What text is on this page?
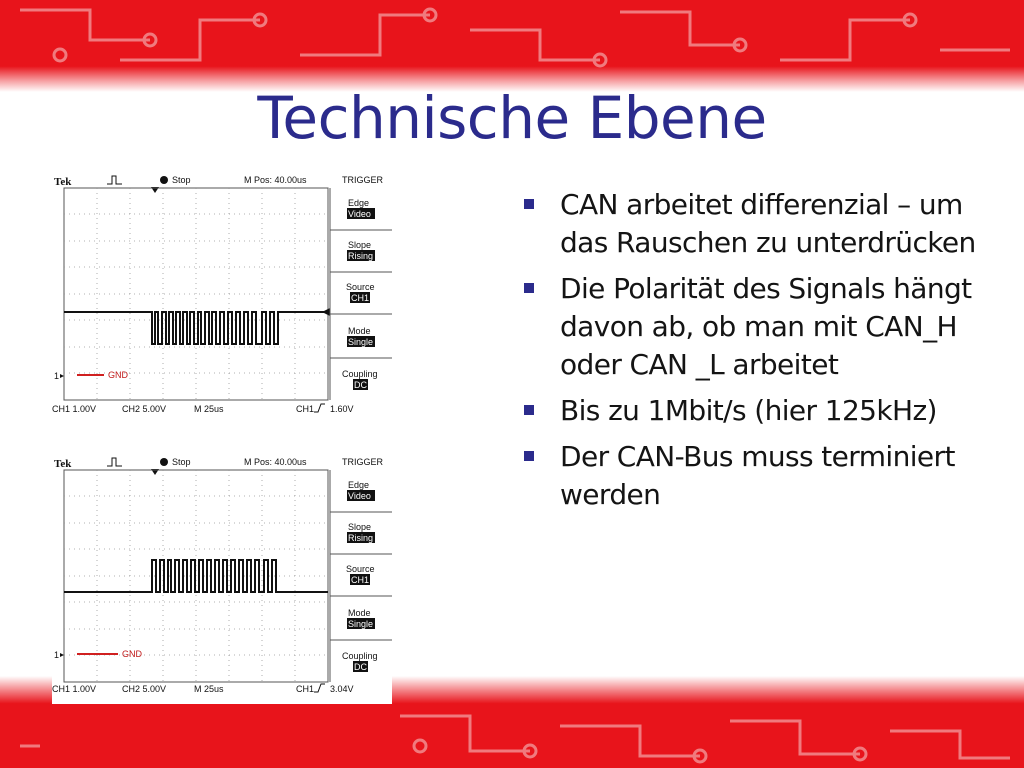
Technische Ebene
Tek	Stop	M Pos: 40.00us	TRIGGER
1	GND
Edge
Video
Slope
Rising
Source
CH1
Mode
Single
Coupling
DC
CH1 1.00V	CH2 5.00V	M 25us	CH1 1.60V
Tek	Stop	M Pos: 40.00us	TRIGGER
1	GND
Edge
Video
Slope
Rising
Source
CH1
Mode
Single
Coupling
DC
CH1 1.00V	CH2 5.00V	M 25us	CH1 3.04V
CAN arbeitet differenzial – um das Rauschen zu unterdrücken
Die Polarität des Signals hängt davon ab, ob man mit CAN_H oder CAN _L arbeitet
Bis zu 1Mbit/s (hier 125kHz)
Der CAN-Bus muss terminiert werden
